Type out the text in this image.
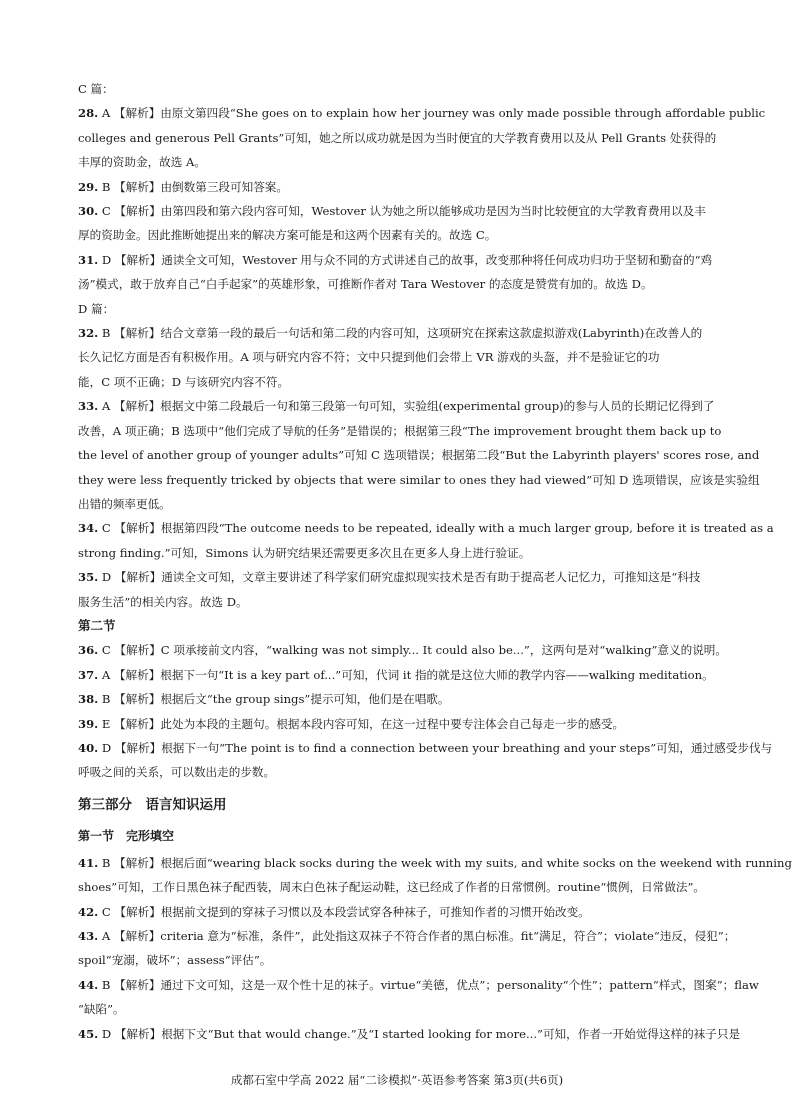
C 篇：
28. A 【解析】由原文第四段“She goes on to explain how her journey was only made possible through affordable public
colleges and generous Pell Grants”可知，她之所以成功就是因为当时便宜的大学教育费用以及从 Pell Grants 处获得的
丰厚的资助金，故选 A。
29. B 【解析】由倒数第三段可知答案。
30. C 【解析】由第四段和第六段内容可知，Westover 认为她之所以能够成功是因为当时比较便宜的大学教育费用以及丰
厚的资助金。因此推断她提出来的解决方案可能是和这两个因素有关的。故选 C。
31. D 【解析】通读全文可知，Westover 用与众不同的方式讲述自己的故事，改变那种将任何成功归功于坚韧和勤奋的“鸡
汤”模式，敢于放弃自己“白手起家”的英雄形象，可推断作者对 Tara Westover 的态度是赞赏有加的。故选 D。
D 篇：
32. B 【解析】结合文章第一段的最后一句话和第二段的内容可知，这项研究在探索这款虚拟游戏(Labyrinth)在改善人的
长久记忆方面是否有积极作用。A 项与研究内容不符；文中只提到他们会带上 VR 游戏的头盔，并不是验证它的功
能，C 项不正确；D 与该研究内容不符。
33. A 【解析】根据文中第二段最后一句和第三段第一句可知，实验组(experimental group)的参与人员的长期记忆得到了
改善，A 项正确；B 选项中“他们完成了导航的任务”是错误的；根据第三段“The improvement brought them back up to
the level of another group of younger adults”可知 C 选项错误；根据第二段“But the Labyrinth players' scores rose, and
they were less frequently tricked by objects that were similar to ones they had viewed”可知 D 选项错误，应该是实验组
出错的频率更低。
34. C 【解析】根据第四段“The outcome needs to be repeated, ideally with a much larger group, before it is treated as a
strong finding.”可知，Simons 认为研究结果还需要更多次且在更多人身上进行验证。
35. D 【解析】通读全文可知，文章主要讲述了科学家们研究虚拟现实技术是否有助于提高老人记忆力，可推知这是“科技
服务生活”的相关内容。故选 D。
第二节
36. C 【解析】C 项承接前文内容，“walking was not simply... It could also be...”，这两句是对“walking”意义的说明。
37. A 【解析】根据下一句“It is a key part of...”可知，代词 it 指的就是这位大师的教学内容——walking meditation。
38. B 【解析】根据后文“the group sings”提示可知，他们是在唱歌。
39. E 【解析】此处为本段的主题句。根据本段内容可知，在这一过程中要专注体会自己每走一步的感受。
40. D 【解析】根据下一句“The point is to find a connection between your breathing and your steps”可知，通过感受步伐与
呼吸之间的关系，可以数出走的步数。
第三部分　语言知识运用
第一节　完形填空
41. B 【解析】根据后面“wearing black socks during the week with my suits, and white socks on the weekend with running
shoes”可知，工作日黑色袜子配西装，周末白色袜子配运动鞋，这已经成了作者的日常惯例。routine“惯例，日常做法”。
42. C 【解析】根据前文提到的穿袜子习惯以及本段尝试穿各种袜子，可推知作者的习惯开始改变。
43. A 【解析】criteria 意为“标准，条件”，此处指这双袜子不符合作者的黑白标准。fit“满足，符合”；violate“违反，侵犯”；
spoil“宠溺，破坏”；assess“评估”。
44. B 【解析】通过下文可知，这是一双个性十足的袜子。virtue“美德，优点”；personality“个性”；pattern“样式，图案”；flaw
“缺陷”。
45. D 【解析】根据下文“But that would change.”及“I started looking for more...”可知，作者一开始觉得这样的袜子只是
成都石室中学高 2022 届“二诊模拟”·英语参考答案 第3页(共6页)
